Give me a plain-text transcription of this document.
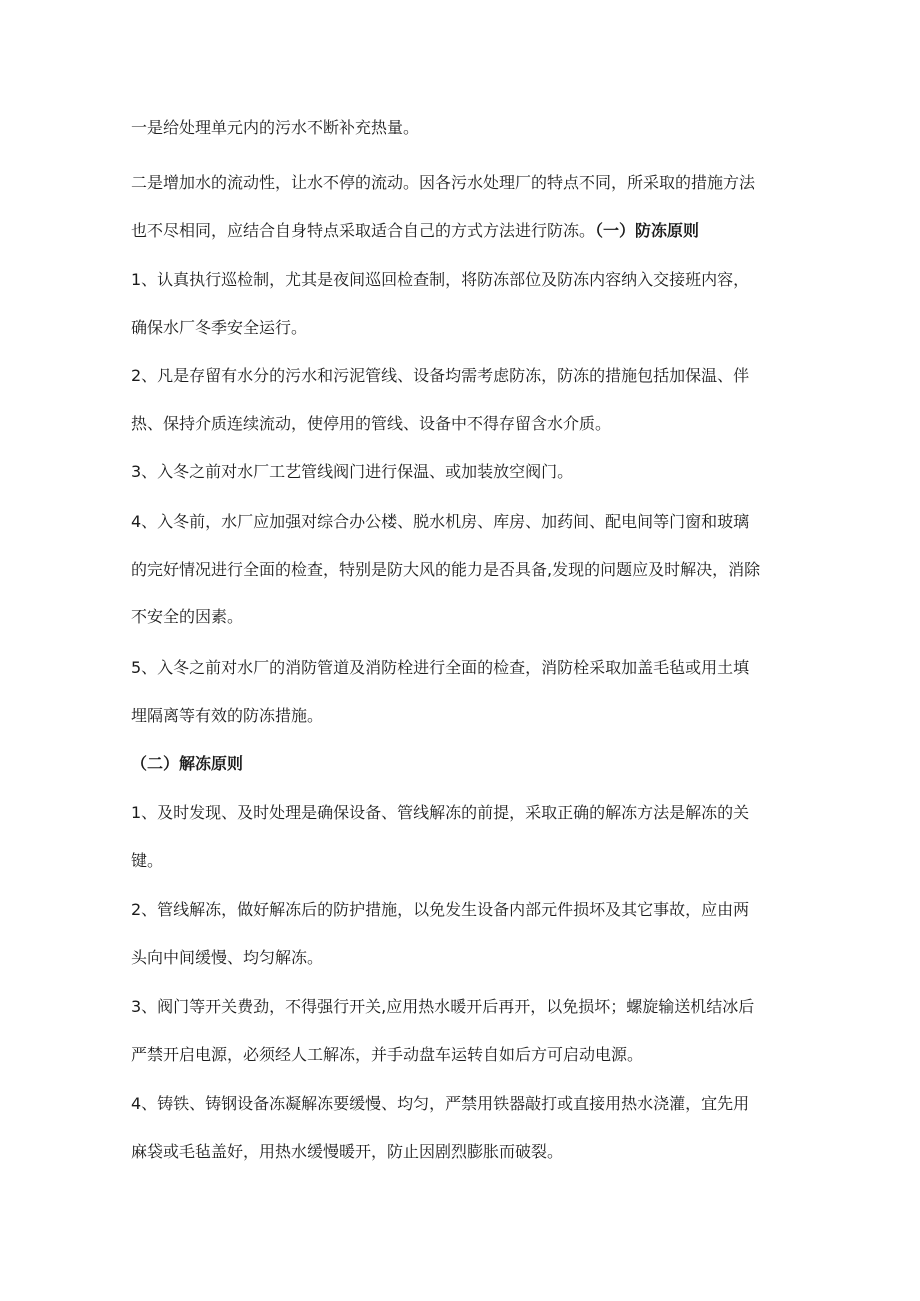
一是给处理单元内的污水不断补充热量。
二是增加水的流动性，让水不停的流动。因各污水处理厂的特点不同，所采取的措施方法
也不尽相同，应结合自身特点采取适合自己的方式方法进行防冻。（一）防冻原则
1、认真执行巡检制，尤其是夜间巡回检查制，将防冻部位及防冻内容纳入交接班内容，
确保水厂冬季安全运行。
2、凡是存留有水分的污水和污泥管线、设备均需考虑防冻，防冻的措施包括加保温、伴
热、保持介质连续流动，使停用的管线、设备中不得存留含水介质。
3、入冬之前对水厂工艺管线阀门进行保温、或加装放空阀门。
4、入冬前，水厂应加强对综合办公楼、脱水机房、库房、加药间、配电间等门窗和玻璃
的完好情况进行全面的检查，特别是防大风的能力是否具备,发现的问题应及时解决，消除
不安全的因素。
5、入冬之前对水厂的消防管道及消防栓进行全面的检查，消防栓采取加盖毛毡或用土填
埋隔离等有效的防冻措施。
（二）解冻原则
1、及时发现、及时处理是确保设备、管线解冻的前提，采取正确的解冻方法是解冻的关
键。
2、管线解冻，做好解冻后的防护措施，以免发生设备内部元件损坏及其它事故，应由两
头向中间缓慢、均匀解冻。
3、阀门等开关费劲，不得强行开关,应用热水暖开后再开，以免损坏；螺旋输送机结冰后
严禁开启电源，必须经人工解冻，并手动盘车运转自如后方可启动电源。
4、铸铁、铸钢设备冻凝解冻要缓慢、均匀，严禁用铁器敲打或直接用热水浇灌，宜先用
麻袋或毛毡盖好，用热水缓慢暖开，防止因剧烈膨胀而破裂。
